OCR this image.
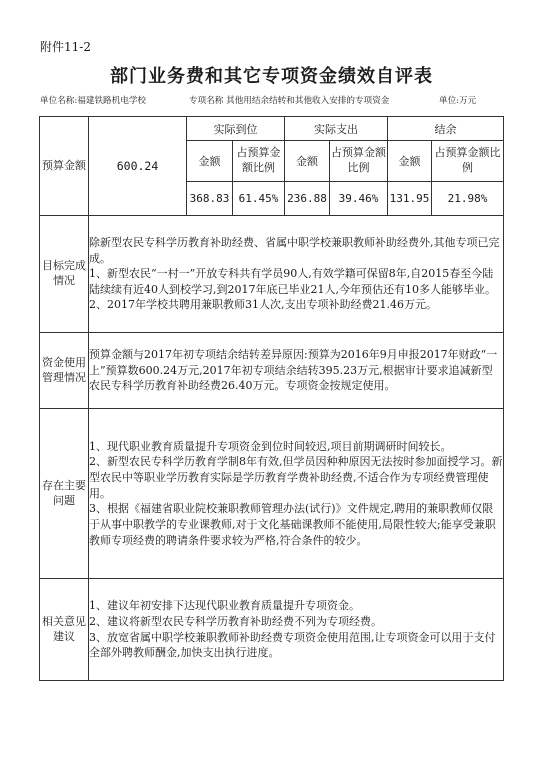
附件11-2
部门业务费和其它专项资金绩效自评表
单位名称:福建铁路机电学校	专项名称 其他用结余结转和其他收入安排的专项资金	单位:万元
预算金额	600.24	实际到位		实际支出		结余	
		金额	占预算金额比例	金额	占预算金额比例	金额	占预算金额比例
		368.83	61.45%	236.88	39.46%	131.95	21.98%
目标完成情况	除新型农民专科学历教育补助经费、省属中职学校兼职教师补助经费外,其他专项已完成。
1、新型农民“一村一”开放专科共有学员90人,有效学籍可保留8年,自2015春至今陆陆续续有近40人到校学习,到2017年底已毕业21人,今年预估还有10多人能够毕业。
2、2017年学校共聘用兼职教师31人次,支出专项补助经费21.46万元。						

资金使用管理情况	预算金额与2017年初专项结余结转差异原因:预算为2016年9月申报2017年财政“一上”预算数600.24万元,2017年初专项结余结转395.23万元,根据审计要求追减新型农民专科学历教育补助经费26.40万元。专项资金按规定使用。						

存在主要问题	1、现代职业教育质量提升专项资金到位时间较迟,项目前期调研时间较长。
2、新型农民专科学历教育学制8年有效,但学员因种种原因无法按时参加面授学习。新型农民中等职业学历教育实际是学历教育学费补助经费,不适合作为专项经费管理使用。
3、根据《福建省职业院校兼职教师管理办法(试行)》文件规定,聘用的兼职教师仅限于从事中职教学的专业课教师,对于文化基础课教师不能使用,局限性较大;能享受兼职教师专项经费的聘请条件要求较为严格,符合条件的较少。						

相关意见建议	1、建议年初安排下达现代职业教育质量提升专项资金。
2、建议将新型农民专科学历教育补助经费不列为专项经费。
3、放宽省属中职学校兼职教师补助经费专项资金使用范围,让专项资金可以用于支付全部外聘教师酬金,加快支出执行进度。						
